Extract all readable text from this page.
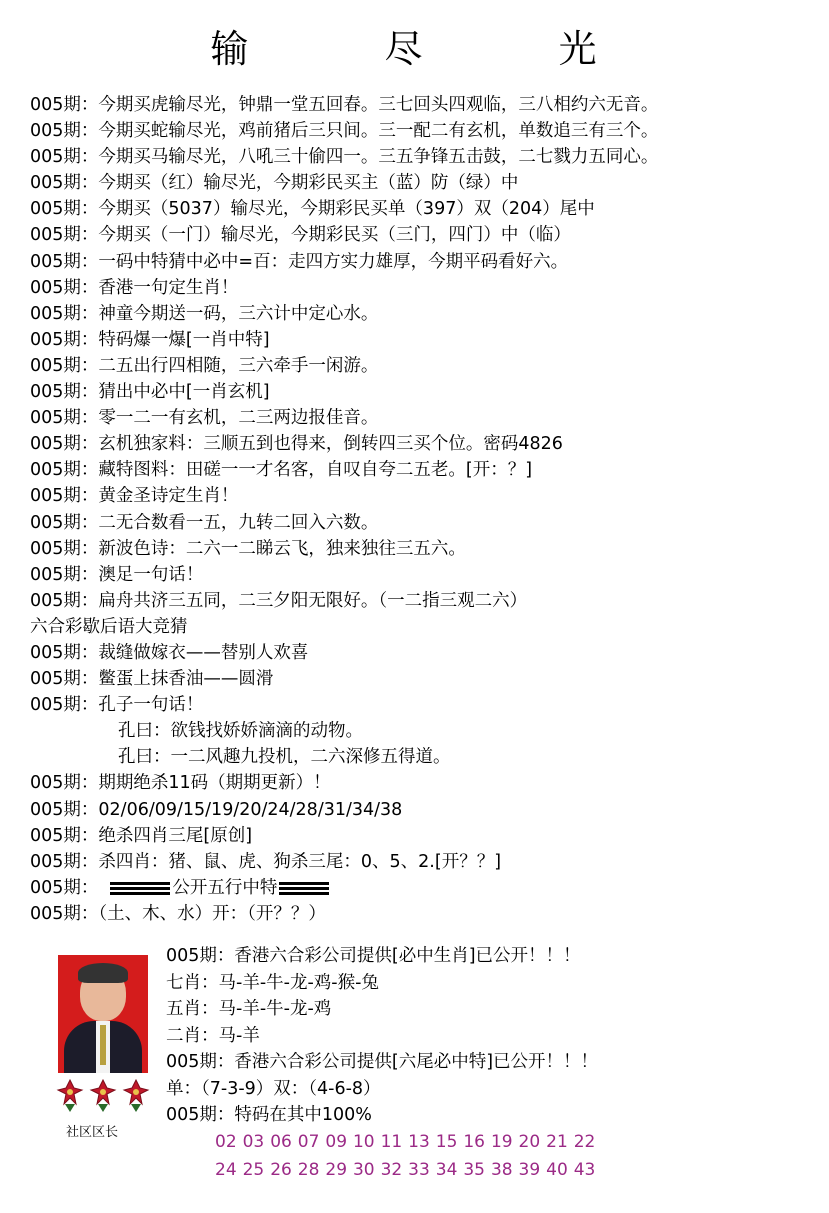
输 尽 光
005期：今期买虎输尽光，钟鼎一堂五回春。三七回头四观临，三八相约六无音。
005期：今期买蛇输尽光，鸡前猪后三只间。三一配二有玄机，单数追三有三个。
005期：今期买马输尽光，八吼三十偷四一。三五争锋五击鼓，二七戮力五同心。
005期：今期买（红）输尽光，今期彩民买主（蓝）防（绿）中
005期：今期买（5037）输尽光，今期彩民买单（397）双（204）尾中
005期：今期买（一门）输尽光，今期彩民买（三门，四门）中（临）
005期：一码中特猜中必中=百：走四方实力雄厚，今期平码看好六。
005期：香港一句定生肖！
005期：神童今期送一码，三六计中定心水。
005期：特码爆一爆[一肖中特]
005期：二五出行四相随，三六牵手一闲游。
005期：猜出中必中[一肖玄机]
005期：零一二一有玄机，二三两边报佳音。
005期：玄机独家料：三顺五到也得来，倒转四三买个位。密码4826
005期：藏特图料：田磋一一才名客，自叹自夸二五老。[开：？]
005期：黄金圣诗定生肖！
005期：二无合数看一五，九转二回入六数。
005期：新波色诗：二六一二睇云飞，独来独往三五六。
005期：澳足一句话！
005期：扁舟共济三五同，二三夕阳无限好。（一二指三观二六）
六合彩歇后语大竞猜
005期：裁缝做嫁衣——替别人欢喜
005期：鳖蛋上抹香油——圆滑
005期：孔子一句话！
孔曰：欲钱找娇娇滴滴的动物。
孔曰：一二风趣九投机，二六深修五得道。
005期：期期绝杀11码（期期更新）！
005期：02/06/09/15/19/20/24/28/31/34/38
005期：绝杀四肖三尾[原创]
005期：杀四肖：猪、鼠、虎、狗杀三尾：0、5、2.[开？？]
005期：	公开五行中特
005期：（土、木、水）开：（开？？）
社区区长
005期：香港六合彩公司提供[必中生肖]已公开！！！
七肖：马-羊-牛-龙-鸡-猴-兔
五肖：马-羊-牛-龙-鸡
二肖：马-羊
005期：香港六合彩公司提供[六尾必中特]已公开！！！
单：（7-3-9）双：（4-6-8）
005期：特码在其中100%
02 03 06 07 09 10 11 13 15 16 19 20 21 22
24 25 26 28 29 30 32 33 34 35 38 39 40 43
